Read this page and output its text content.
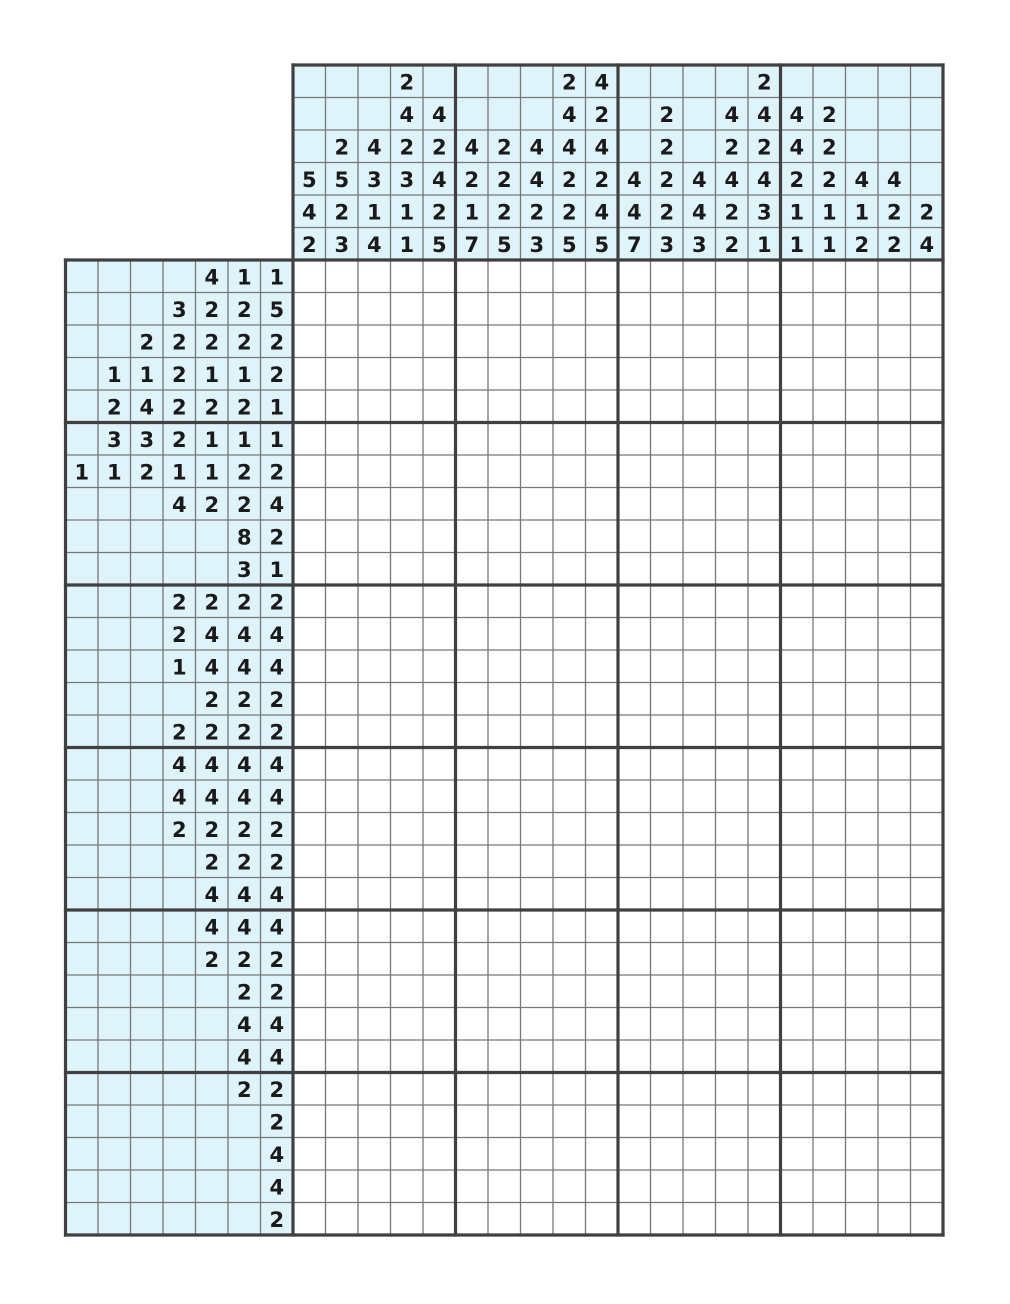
5
4
2
2
5
2
3
4
3
1
4
2
4
2
3
1
1
4
2
4
2
5
4
2
1
7
2
2
2
5
4
4
2
3
2
4
4
2
2
5
4
2
4
2
4
5
4
4
7
2
2
2
2
3
4
4
3
4
2
4
2
2
2
4
2
4
3
1
4
4
2
1
1
2
2
2
1
1
4
1
2
4
2
2
2
4
4 1 1
3 2 2 5
2 2 2 2 2
1 1 2 1 1 2
2 4 2 2 2 1
3 3 2 1 1 1
1 1 2 1 1 2 2
4 2 2 4
8 2
3 1
2 2 2 2
2 4 4 4
1 4 4 4
2 2 2
2 2 2 2
4 4 4 4
4 4 4 4
2 2 2 2
2 2 2
4 4 4
4 4 4
2 2 2
2 2
4 4
4 4
2 2
2
4
4
2
